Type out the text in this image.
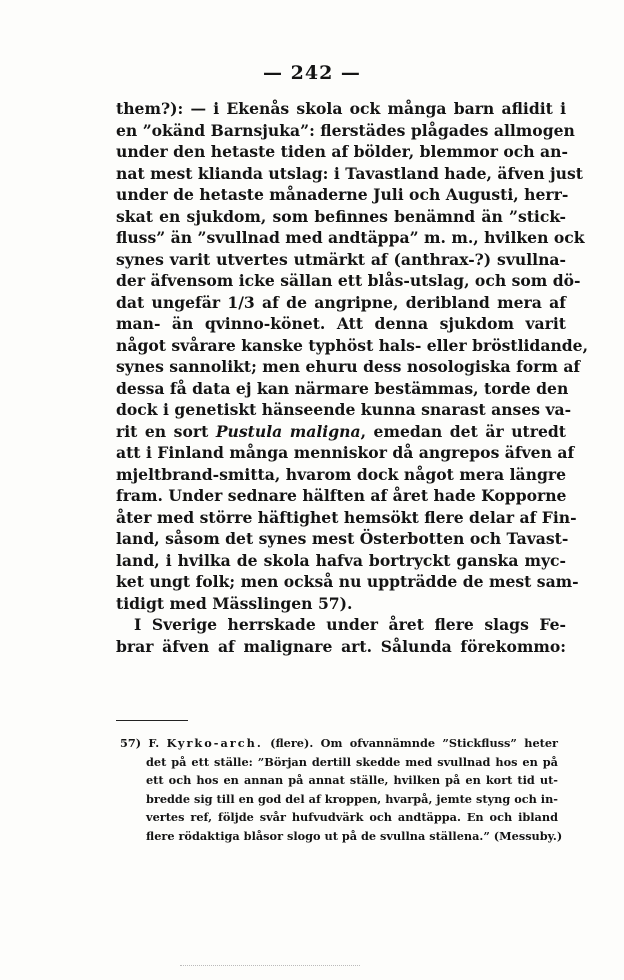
— 242 —
them?): — i Ekenås skola ock många barn aflidit i
en ”okänd Barnsjuka”: flerstädes plågades allmogen
under den hetaste tiden af bölder, blemmor och an-
nat mest klianda utslag: i Tavastland hade, äfven just
under de hetaste månaderne Juli och Augusti, herr-
skat en sjukdom, som befinnes benämnd än ”stick-
fluss” än ”svullnad med andtäppa” m. m., hvilken ock
synes varit utvertes utmärkt af (anthrax-?) svullna-
der äfvensom icke sällan ett blås-utslag, och som dö-
dat ungefär 1/3 af de angripne, deribland mera af
man- än qvinno-könet. Att denna sjukdom varit
något svårare kanske typhöst hals- eller bröstlidande,
synes sannolikt; men ehuru dess nosologiska form af
dessa få data ej kan närmare bestämmas, torde den
dock i genetiskt hänseende kunna snarast anses va-
rit en sort Pustula maligna, emedan det är utredt
att i Finland många menniskor då angrepos äfven af
mjeltbrand-smitta, hvarom dock något mera längre
fram. Under sednare hälften af året hade Kopporne
åter med större häftighet hemsökt flere delar af Fin-
land, såsom det synes mest Österbotten och Tavast-
land, i hvilka de skola hafva bortryckt ganska myc-
ket ungt folk; men också nu uppträdde de mest sam-
tidigt med Mässlingen 57).
I Sverige herrskade under året flere slags Fe-
brar äfven af malignare art. Sålunda förekommo:
57) F. Kyrko-arch. (flere). Om ofvannämnde ”Stickfluss” heter
det på ett ställe: ”Början dertill skedde med svullnad hos en på
ett och hos en annan på annat ställe, hvilken på en kort tid ut-
bredde sig till en god del af kroppen, hvarpå, jemte styng och in-
vertes ref, följde svår hufvudvärk och andtäppa. En och ibland
flere rödaktiga blåsor slogo ut på de svullna ställena.” (Messuby.)
